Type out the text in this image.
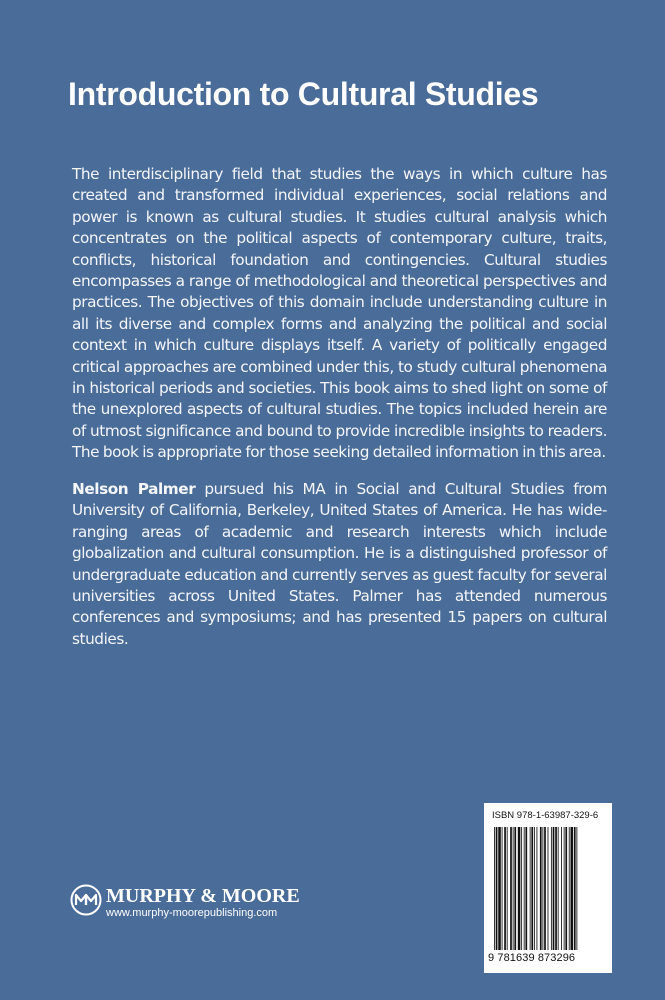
Introduction to Cultural Studies
The interdisciplinary field that studies the ways in which culture has created and transformed individual experiences, social relations and power is known as cultural studies. It studies cultural analysis which concentrates on the political aspects of contemporary culture, traits, conflicts, historical foundation and contingencies. Cultural studies encompasses a range of methodological and theoretical perspectives and practices. The objectives of this domain include understanding culture in all its diverse and complex forms and analyzing the political and social context in which culture displays itself. A variety of politically engaged critical approaches are combined under this, to study cultural phenomena in historical periods and societies. This book aims to shed light on some of the unexplored aspects of cultural studies. The topics included herein are of utmost significance and bound to provide incredible insights to readers. The book is appropriate for those seeking detailed information in this area.
Nelson Palmer pursued his MA in Social and Cultural Studies from University of California, Berkeley, United States of America. He has wide-ranging areas of academic and research interests which include globalization and cultural consumption. He is a distinguished professor of undergraduate education and currently serves as guest faculty for several universities across United States. Palmer has attended numerous conferences and symposiums; and has presented 15 papers on cultural studies.
MURPHY & MOORE
www.murphy-moorepublishing.com
ISBN 978-1-63987-329-6
9 781639 873296
